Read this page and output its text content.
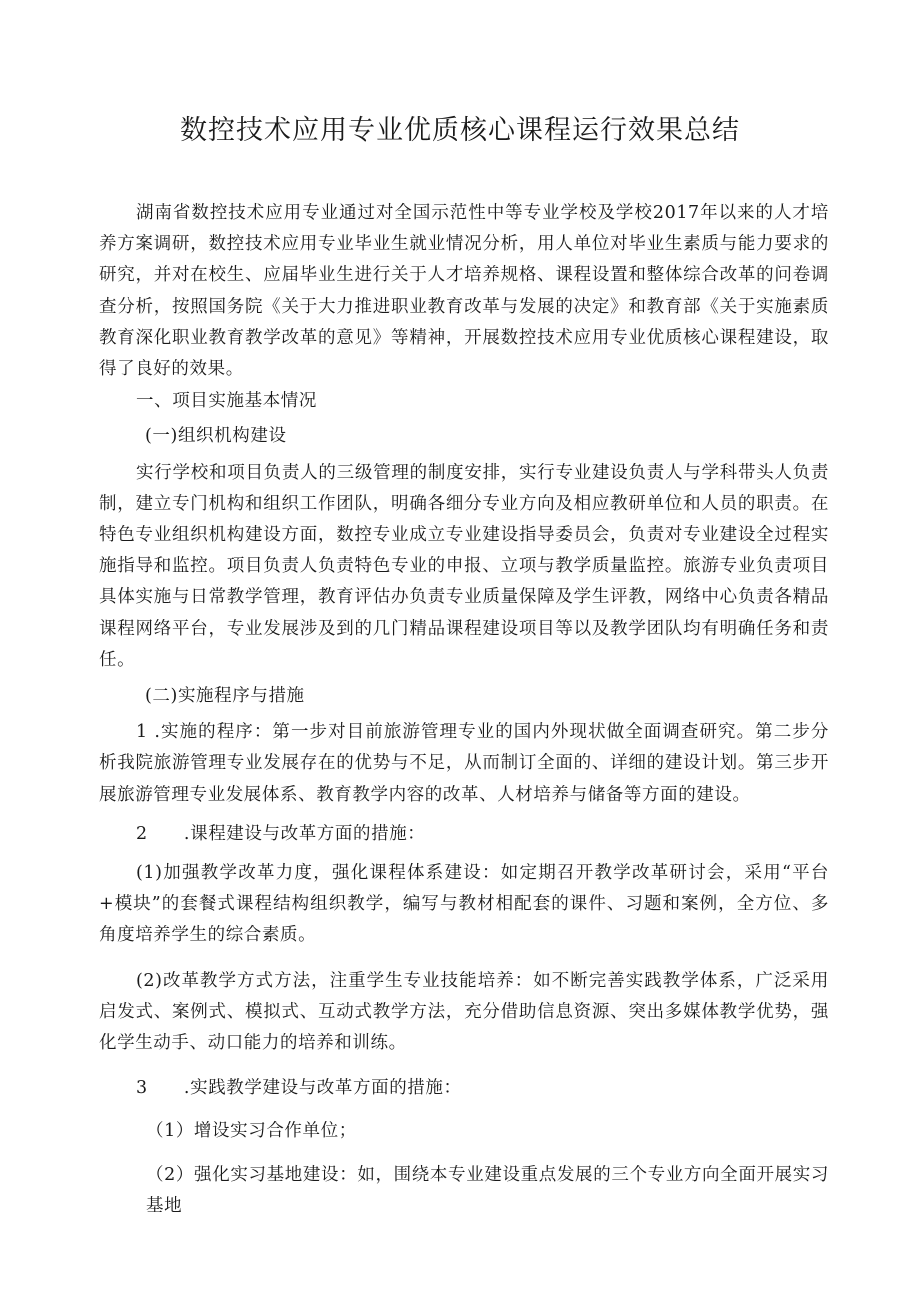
数控技术应用专业优质核心课程运行效果总结

湖南省数控技术应用专业通过对全国示范性中等专业学校及学校2017年以来的人才培养方案调研，数控技术应用专业毕业生就业情况分析，用人单位对毕业生素质与能力要求的研究，并对在校生、应届毕业生进行关于人才培养规格、课程设置和整体综合改革的问卷调查分析，按照国务院《关于大力推进职业教育改革与发展的决定》和教育部《关于实施素质教育深化职业教育教学改革的意见》等精神，开展数控技术应用专业优质核心课程建设，取得了良好的效果。

一、项目实施基本情况

(一)组织机构建设

实行学校和项目负责人的三级管理的制度安排，实行专业建设负责人与学科带头人负责制，建立专门机构和组织工作团队，明确各细分专业方向及相应教研单位和人员的职责。在特色专业组织机构建设方面，数控专业成立专业建设指导委员会，负责对专业建设全过程实施指导和监控。项目负责人负责特色专业的申报、立项与教学质量监控。旅游专业负责项目具体实施与日常教学管理，教育评估办负责专业质量保障及学生评教，网络中心负责各精品课程网络平台，专业发展涉及到的几门精品课程建设项目等以及教学团队均有明确任务和责任。

(二)实施程序与措施

1 .实施的程序：第一步对目前旅游管理专业的国内外现状做全面调查研究。第二步分析我院旅游管理专业发展存在的优势与不足，从而制订全面的、详细的建设计划。第三步开展旅游管理专业发展体系、教育教学内容的改革、人材培养与储备等方面的建设。

2　　.课程建设与改革方面的措施：

(1)加强教学改革力度，强化课程体系建设：如定期召开教学改革研讨会，采用“平台+模块”的套餐式课程结构组织教学，编写与教材相配套的课件、习题和案例，全方位、多角度培养学生的综合素质。

(2)改革教学方式方法，注重学生专业技能培养：如不断完善实践教学体系，广泛采用启发式、案例式、模拟式、互动式教学方法，充分借助信息资源、突出多媒体教学优势，强化学生动手、动口能力的培养和训练。

3　　.实践教学建设与改革方面的措施：

（1）增设实习合作单位；

（2）强化实习基地建设：如，围绕本专业建设重点发展的三个专业方向全面开展实习基地
